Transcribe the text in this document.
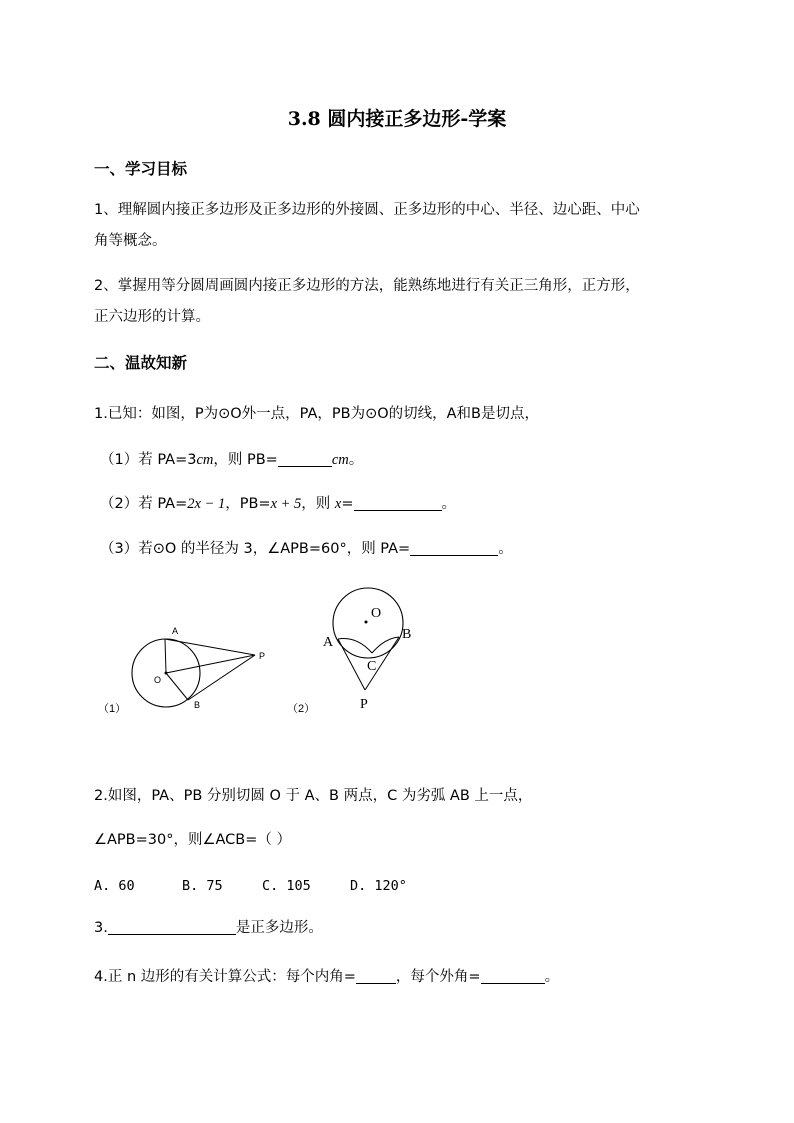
3.8 圆内接正多边形-学案
一、学习目标
1、理解圆内接正多边形及正多边形的外接圆、正多边形的中心、半径、边心距、中心
角等概念。
2、掌握用等分圆周画圆内接正多边形的方法，能熟练地进行有关正三角形，正方形，
正六边形的计算。
二、温故知新
1.已知：如图，P为⊙O外一点，PA，PB为⊙O的切线，A和B是切点，
（1）若 PA=3cm，则 PB=	cm。
（2）若 PA=2x − 1，PB=x + 5，则 x=	。
（3）若⊙O 的半径为 3，∠APB=60°，则 PA=	。
A
O
P
B
（1）
O
A
B
C
P
（2）
2.如图，PA、PB 分别切圆 O 于 A、B 两点，C 为劣弧 AB 上一点，
∠APB=30°，则∠ACB=（ ）
A. 60	B. 75	C. 105	D. 120°
3.	是正多边形。
4.正 n 边形的有关计算公式：每个内角=	，每个外角=	。
